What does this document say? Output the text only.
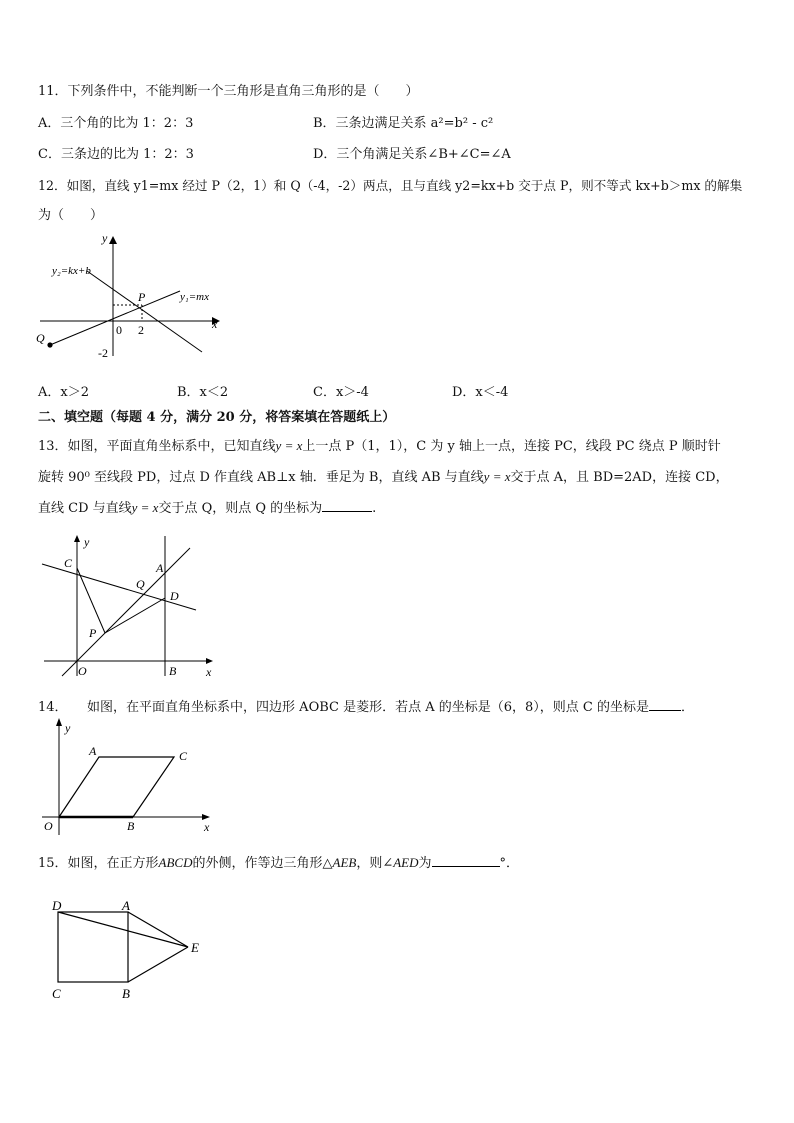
11．下列条件中，不能判断一个三角形是直角三角形的是（　　）
A．三个角的比为 1：2：3	B．三条边满足关系 a²=b² - c²
C．三条边的比为 1：2：3	D．三个角满足关系∠B+∠C=∠A
12．如图，直线 y1=mx 经过 P（2，1）和 Q（-4，-2）两点，且与直线 y2=kx+b 交于点 P，则不等式 kx+b＞mx 的解集
为（　　）
y
x
y₂=kx+b
y₁=mx
P
Q
0 2
-2
A．x＞2	B．x＜2	C．x＞-4	D．x＜-4
二、填空题（每题 4 分，满分 20 分，将答案填在答题纸上）
13．如图，平面直角坐标系中，已知直线y = x上一点 P（1，1），C 为 y 轴上一点，连接 PC，线段 PC 绕点 P 顺时针
旋转 90⁰ 至线段 PD，过点 D 作直线 AB⊥x 轴．垂足为 B，直线 AB 与直线y = x交于点 A，且 BD=2AD，连接 CD，
直线 CD 与直线y = x交于点 Q，则点 Q 的坐标为	.
C
y
A
Q
D
P
O	B x
14．　　如图，在平面直角坐标系中，四边形 AOBC 是菱形．若点 A 的坐标是（6，8），则点 C 的坐标是 ．
y
A	C
O	B	x
15．如图，在正方形ABCD的外侧，作等边三角形△AEB，则∠AED为	°．
D	A
E
C	B
